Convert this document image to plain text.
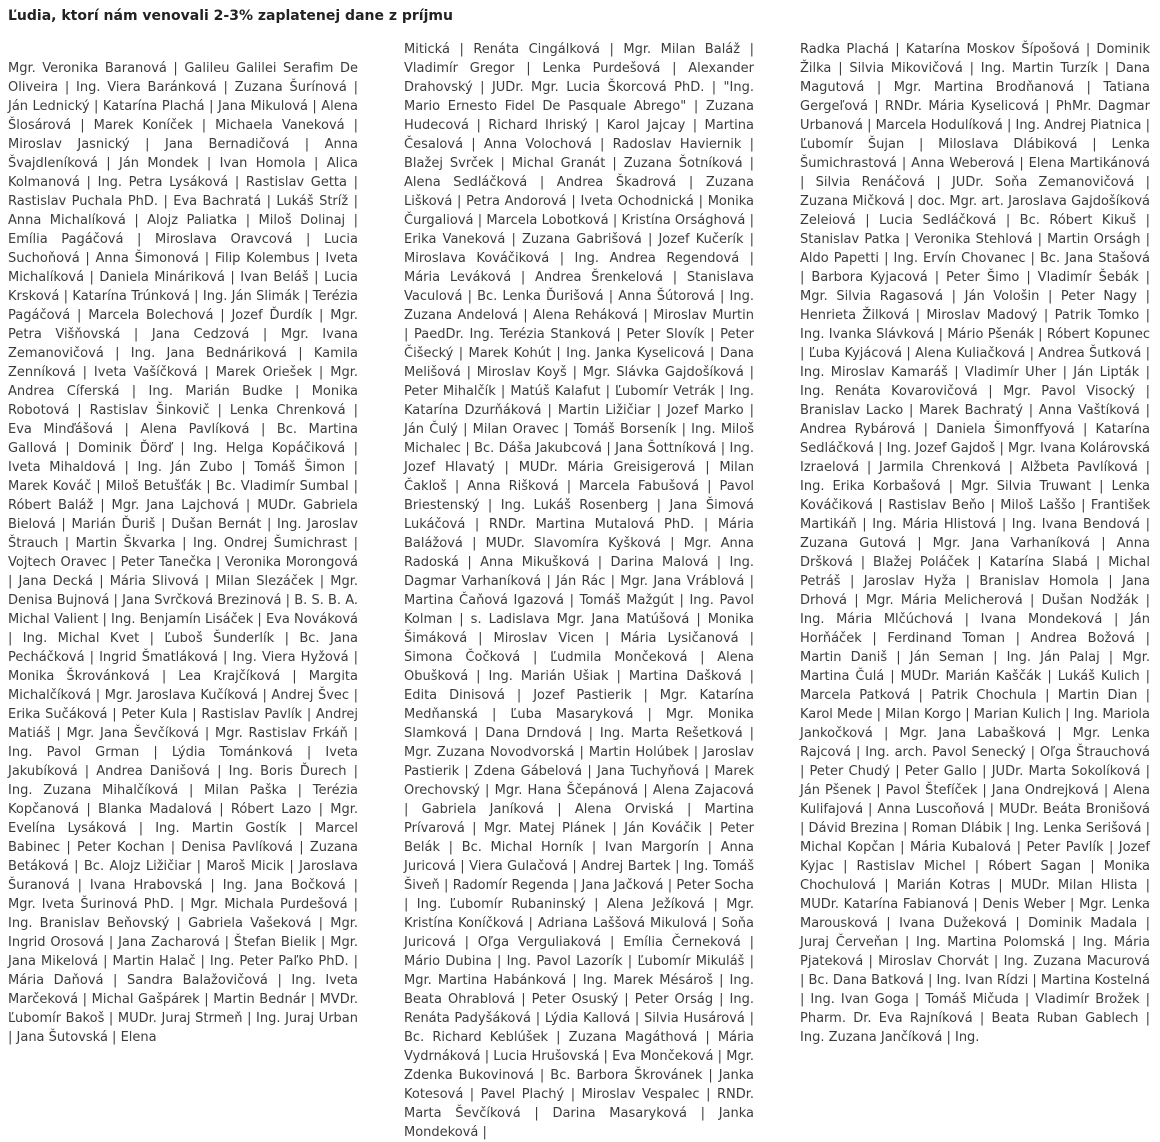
Ľudia, ktorí nám venovali 2-3% zaplatenej dane z príjmu

Mgr. Veronika Baranová | Galileu Galilei Serafim De Oliveira | Ing. Viera Baránková | Zuzana Šurínová | Ján Lednický | Katarína Plachá | Jana Mikulová | Alena Šlosárová | Marek Koníček | Michaela Vaneková | Miroslav Jasnický | Jana Bernadičová | Anna Švajdleníková | Ján Mondek | Ivan Homola | Alica Kolmanová | Ing. Petra Lysáková | Rastislav Getta | Rastislav Puchala PhD. | Eva Bachratá | Lukáš Stríž | Anna Michalíková | Alojz Paliatka | Miloš Dolinaj | Emília Pagáčová | Miroslava Oravcová | Lucia Suchoňová | Anna Šimonová | Filip Kolembus | Iveta Michalíková | Daniela Mináriková | Ivan Beláš | Lucia Krsková | Katarína Trúnková | Ing. Ján Slimák | Terézia Pagáčová | Marcela Bolechová | Jozef Ďurdík | Mgr. Petra Višňovská | Jana Cedzová | Mgr. Ivana Zemanovičová | Ing. Jana Bednáriková | Kamila Zenníková | Iveta Vašíčková | Marek Oriešek | Mgr. Andrea Cíferská | Ing. Marián Budke | Monika Robotová | Rastislav Šinkovič | Lenka Chrenková | Eva Minďášová | Alena Pavlíková | Bc. Martina Gallová | Dominik Ďörď | Ing. Helga Kopáčiková | Iveta Mihaldová | Ing. Ján Zubo | Tomáš Šimon | Marek Kováč | Miloš Betušťák | Bc. Vladimír Sumbal | Róbert Baláž | Mgr. Jana Lajchová | MUDr. Gabriela Bielová | Marián Ďuriš | Dušan Bernát | Ing. Jaroslav Štrauch | Martin Škvarka | Ing. Ondrej Šumichrast | Vojtech Oravec | Peter Tanečka | Veronika Morongová | Jana Decká | Mária Slivová | Milan Slezáček | Mgr. Denisa Bujnová | Jana Svrčková Brezinová | B. S. B. A. Michal Valient | Ing. Benjamín Lisáček | Eva Nováková | Ing. Michal Kvet | Ľuboš Šunderlík | Bc. Jana Pecháčková | Ingrid Šmatláková | Ing. Viera Hyžová | Monika Škrovánková | Lea Krajčíková | Margita Michalčíková | Mgr. Jaroslava Kučíková | Andrej Švec | Erika Sučáková | Peter Kula | Rastislav Pavlík | Andrej Matiáš | Mgr. Jana Ševčíková | Mgr. Rastislav Frkáň | Ing. Pavol Grman | Lýdia Tománková | Iveta Jakubíková | Andrea Danišová | Ing. Boris Ďurech | Ing. Zuzana Mihalčíková | Milan Paška | Terézia Kopčanová | Blanka Madalová | Róbert Lazo | Mgr. Evelína Lysáková | Ing. Martin Gostík | Marcel Babinec | Peter Kochan | Denisa Pavlíková | Zuzana Betáková | Bc. Alojz Ližičiar | Maroš Micik | Jaroslava Šuranová | Ivana Hrabovská | Ing. Jana Bočková | Mgr. Iveta Šurinová PhD. | Mgr. Michala Purdešová | Ing. Branislav Beňovský | Gabriela Vašeková | Mgr. Ingrid Orosová | Jana Zacharová | Štefan Bielik | Mgr. Jana Mikelová | Martin Halač | Ing. Peter Paľko PhD. | Mária Daňová | Sandra Balažovičová | Ing. Iveta Marčeková | Michal Gašpárek | Martin Bednár | MVDr. Ľubomír Bakoš | MUDr. Juraj Strmeň | Ing. Juraj Urban | Jana Šutovská | Elena

Mitická | Renáta Cingálková | Mgr. Milan Baláž | Vladimír Gregor | Lenka Purdešová | Alexander Drahovský | JUDr. Mgr. Lucia Škorcová PhD. | "Ing. Mario Ernesto Fidel De Pasquale Abrego" | Zuzana Hudecová | Richard Ihriský | Karol Jajcay | Martina Česalová | Anna Volochová | Radoslav Haviernik | Blažej Svrček | Michal Granát | Zuzana Šotníková | Alena Sedláčková | Andrea Škadrová | Zuzana Lišková | Petra Andorová | Iveta Ochodnická | Monika Čurgaliová | Marcela Lobotková | Kristína Orsághová | Erika Vaneková | Zuzana Gabrišová | Jozef Kučerík | Miroslava Kováčiková | Ing. Andrea Regendová | Mária Leváková | Andrea Šrenkelová | Stanislava Vaculová | Bc. Lenka Ďurišová | Anna Šútorová | Ing. Zuzana Andelová | Alena Reháková | Miroslav Murtin | PaedDr. Ing. Terézia Stanková | Peter Slovík | Peter Čišecký | Marek Kohút | Ing. Janka Kyselicová | Dana Melišová | Miroslav Koyš | Mgr. Slávka Gajdošíková | Peter Mihalčík | Matúš Kalafut | Ľubomír Vetrák | Ing. Katarína Dzurňáková | Martin Ližičiar | Jozef Marko | Ján Čulý | Milan Oravec | Tomáš Borseník | Ing. Miloš Michalec | Bc. Dáša Jakubcová | Jana Šottníková | Ing. Jozef Hlavatý | MUDr. Mária Greisigerová | Milan Čakloš | Anna Rišková | Marcela Fabušová | Pavol Briestenský | Ing. Lukáš Rosenberg | Jana Šimová Lukáčová | RNDr. Martina Mutalová PhD. | Mária Balážová | MUDr. Slavomíra Kyšková | Mgr. Anna Radoská | Anna Mikušková | Darina Malová | Ing. Dagmar Varhaníková | Ján Rác | Mgr. Jana Vráblová | Martina Čaňová Igazová | Tomáš Mažgút | Ing. Pavol Kolman | s. Ladislava Mgr. Jana Matúšová | Monika Šimáková | Miroslav Vicen | Mária Lysičanová | Simona Čočková | Ľudmila Mončeková | Alena Obušková | Ing. Marián Ušiak | Martina Dašková | Edita Dinisová | Jozef Pastierik | Mgr. Katarína Medňanská | Ľuba Masaryková | Mgr. Monika Slamková | Dana Drndová | Ing. Marta Rešetková | Mgr. Zuzana Novodvorská | Martin Holúbek | Jaroslav Pastierik | Zdena Gábelová | Jana Tuchyňová | Marek Orechovský | Mgr. Hana Ščepánová | Alena Zajacová | Gabriela Janíková | Alena Orviská | Martina Prívarová | Mgr. Matej Plánek | Ján Kováčik | Peter Belák | Bc. Michal Horník | Ivan Margorín | Anna Juricová | Viera Gulačová | Andrej Bartek | Ing. Tomáš Šiveň | Radomír Regenda | Jana Jačková | Peter Socha | Ing. Ľubomír Rubaninský | Alena Ježíková | Mgr. Kristína Koníčková | Adriana Laššová Mikulová | Soňa Juricová | Oľga Verguliaková | Emília Černeková | Mário Dubina | Ing. Pavol Lazorík | Ľubomír Mikuláš | Mgr. Martina Habánková | Ing. Marek Mésároš | Ing. Beata Ohrablová | Peter Osuský | Peter Orság | Ing. Renáta Padyšáková | Lýdia Kallová | Silvia Husárová | Bc. Richard Keblúšek | Zuzana Magáthová | Mária Vydrnáková | Lucia Hrušovská | Eva Mončeková | Mgr. Zdenka Bukovinová | Bc. Barbora Škrovánek | Janka Kotesová | Pavel Plachý | Miroslav Vespalec | RNDr. Marta Ševčíková | Darina Masaryková | Janka Mondeková |

Radka Plachá | Katarína Moskov Šípošová | Dominik Žilka | Silvia Mikovičová | Ing. Martin Turzík | Dana Magutová | Mgr. Martina Brodňanová | Tatiana Gergeľová | RNDr. Mária Kyselicová | PhMr. Dagmar Urbanová | Marcela Hodulíková | Ing. Andrej Piatnica | Ľubomír Šujan | Miloslava Dlábiková | Lenka Šumichrastová | Anna Weberová | Elena Martikánová | Silvia Renáčová | JUDr. Soňa Zemanovičová | Zuzana Mičková | doc. Mgr. art. Jaroslava Gajdošíková Zeleiová | Lucia Sedláčková | Bc. Róbert Kikuš | Stanislav Patka | Veronika Stehlová | Martin Orságh | Aldo Papetti | Ing. Ervín Chovanec | Bc. Jana Stašová | Barbora Kyjacová | Peter Šimo | Vladimír Šebák | Mgr. Silvia Ragasová | Ján Vološin | Peter Nagy | Henrieta Žilková | Miroslav Madový | Patrik Tomko | Ing. Ivanka Slávková | Mário Pšenák | Róbert Kopunec | Ľuba Kyjácová | Alena Kuliačková | Andrea Šutková | Ing. Miroslav Kamaráš | Vladimír Uher | Ján Lipták | Ing. Renáta Kovarovičová | Mgr. Pavol Visocký | Branislav Lacko | Marek Bachratý | Anna Vaštíková | Andrea Rybárová | Daniela Šimonffyová | Katarína Sedláčková | Ing. Jozef Gajdoš | Mgr. Ivana Kolárovská Izraelová | Jarmila Chrenková | Alžbeta Pavlíková | Ing. Erika Korbašová | Mgr. Silvia Truwant | Lenka Kováčiková | Rastislav Beňo | Miloš Laššo | František Martikáň | Ing. Mária Hlistová | Ing. Ivana Bendová | Zuzana Gutová | Mgr. Jana Varhaníková | Anna Dršková | Blažej Poláček | Katarína Slabá | Michal Petráš | Jaroslav Hyža | Branislav Homola | Jana Drhová | Mgr. Mária Melicherová | Dušan Nodžák | Ing. Mária Mlčúchová | Ivana Mondeková | Ján Horňáček | Ferdinand Toman | Andrea Božová | Martin Daniš | Ján Seman | Ing. Ján Palaj | Mgr. Martina Čulá | MUDr. Marián Kaščák | Lukáš Kulich | Marcela Patková | Patrik Chochula | Martin Dian | Karol Mede | Milan Korgo | Marian Kulich | Ing. Mariola Jankočková | Mgr. Jana Labašková | Mgr. Lenka Rajcová | Ing. arch. Pavol Senecký | Oľga Štrauchová | Peter Chudý | Peter Gallo | JUDr. Marta Sokolíková | Ján Pšenek | Pavol Štefíček | Jana Ondrejková | Alena Kulifajová | Anna Luscoňová | MUDr. Beáta Bronišová | Dávid Brezina | Roman Dlábik | Ing. Lenka Serišová | Michal Kopčan | Mária Kubalová | Peter Pavlík | Jozef Kyjac | Rastislav Michel | Róbert Sagan | Monika Chochulová | Marián Kotras | MUDr. Milan Hlista | MUDr. Katarína Fabianová | Denis Weber | Mgr. Lenka Marousková | Ivana Dužeková | Dominik Madala | Juraj Červeňan | Ing. Martina Polomská | Ing. Mária Pjateková | Miroslav Chorvát | Ing. Zuzana Macurová | Bc. Dana Batková | Ing. Ivan Rídzi | Martina Kostelná | Ing. Ivan Goga | Tomáš Mičuda | Vladimír Brožek | Pharm. Dr. Eva Rajníková | Beata Ruban Gablech | Ing. Zuzana Jančíková | Ing.
